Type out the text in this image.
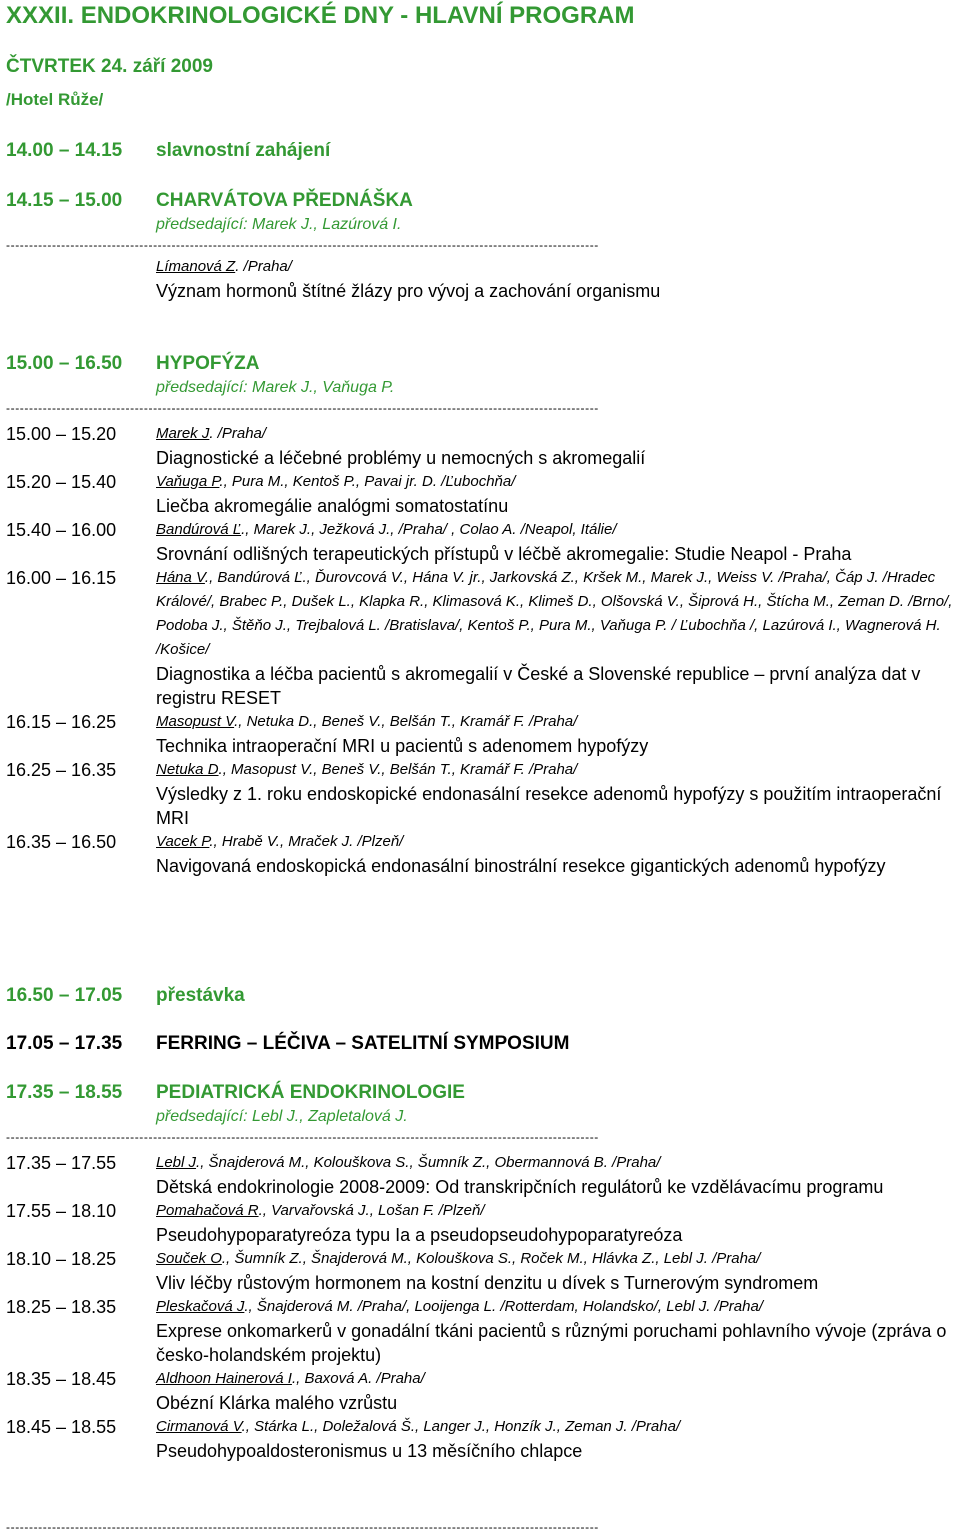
XXXII. ENDOKRINOLOGICKÉ DNY - HLAVNÍ PROGRAM
ČTVRTEK 24. září 2009
/Hotel Růže/
14.00 – 14.15 slavnostní zahájení
14.15 – 15.00 CHARVÁTOVA PŘEDNÁŠKA
předsedající: Marek J., Lazúrová I.
---------------------------------------------------------------------------------------------------------------------------------
Límanová Z. /Praha/
Význam hormonů štítné žlázy pro vývoj a zachování organismu
15.00 – 16.50 HYPOFÝZA
předsedající: Marek J., Vaňuga P.
---------------------------------------------------------------------------------------------------------------------------------
15.00 – 15.20	Marek J. /Praha/
Diagnostické a léčebné problémy u nemocných s akromegalií
15.20 – 15.40	Vaňuga P., Pura M., Kentoš P., Pavai jr. D. /Ľubochňa/
Liečba akromegálie analógmi somatostatínu
15.40 – 16.00	Bandúrová Ľ., Marek J., Ježková J., /Praha/ , Colao A. /Neapol, Itálie/
Srovnání odlišných terapeutických přístupů v léčbě akromegalie: Studie Neapol - Praha
16.00 – 16.15	Hána V., Bandúrová Ľ., Ďurovcová V., Hána V. jr., Jarkovská Z., Kršek M., Marek J., Weiss V. /Praha/, Čáp J. /Hradec Králové/, Brabec P., Dušek L., Klapka R., Klimasová K., Klimeš D., Olšovská V., Šiprová H., Štícha M., Zeman D. /Brno/, Podoba J., Štěňo J., Trejbalová L. /Bratislava/, Kentoš P., Pura M., Vaňuga P. / Ľubochňa /, Lazúrová I., Wagnerová H. /Košice/
Diagnostika a léčba pacientů s akromegalií v České a Slovenské republice – první analýza dat v registru RESET
16.15 – 16.25	Masopust V., Netuka D., Beneš V., Belšán T., Kramář F. /Praha/
Technika intraoperační MRI u pacientů s adenomem hypofýzy
16.25 – 16.35	Netuka D., Masopust V., Beneš V., Belšán T., Kramář F. /Praha/
Výsledky z 1. roku endoskopické endonasální resekce adenomů hypofýzy s použitím intraoperační MRI
16.35 – 16.50	Vacek P., Hrabě V., Mraček J. /Plzeň/
Navigovaná endoskopická endonasální binostrální resekce gigantických adenomů hypofýzy
16.50 – 17.05 přestávka
17.05 – 17.35 FERRING – LÉČIVA – SATELITNÍ SYMPOSIUM
17.35 – 18.55 PEDIATRICKÁ ENDOKRINOLOGIE
předsedající: Lebl J., Zapletalová J.
---------------------------------------------------------------------------------------------------------------------------------
17.35 – 17.55	Lebl J., Šnajderová M., Kolouškova S., Šumník Z., Obermannová B. /Praha/
Dětská endokrinologie 2008-2009: Od transkripčních regulátorů ke vzdělávacímu programu
17.55 – 18.10	Pomahačová R., Varvařovská J., Lošan F. /Plzeň/
Pseudohypoparatyreóza typu Ia a pseudopseudohypoparatyreóza
18.10 – 18.25	Souček O., Šumník Z., Šnajderová M., Kolouškova S., Roček M., Hlávka Z., Lebl J. /Praha/
Vliv léčby růstovým hormonem na kostní denzitu u dívek s Turnerovým syndromem
18.25 – 18.35	Pleskačová J., Šnajderová M. /Praha/, Looijenga L. /Rotterdam, Holandsko/, Lebl J. /Praha/
Exprese onkomarkerů v gonadální tkáni pacientů s různými poruchami pohlavního vývoje (zpráva o česko-holandském projektu)
18.35 – 18.45	Aldhoon Hainerová I., Baxová A. /Praha/
Obézní Klárka malého vzrůstu
18.45 – 18.55	Cirmanová V., Stárka L., Doležalová Š., Langer J., Honzík J., Zeman J. /Praha/
Pseudohypoaldosteronismus u 13 měsíčního chlapce
---------------------------------------------------------------------------------------------------------------------------------
